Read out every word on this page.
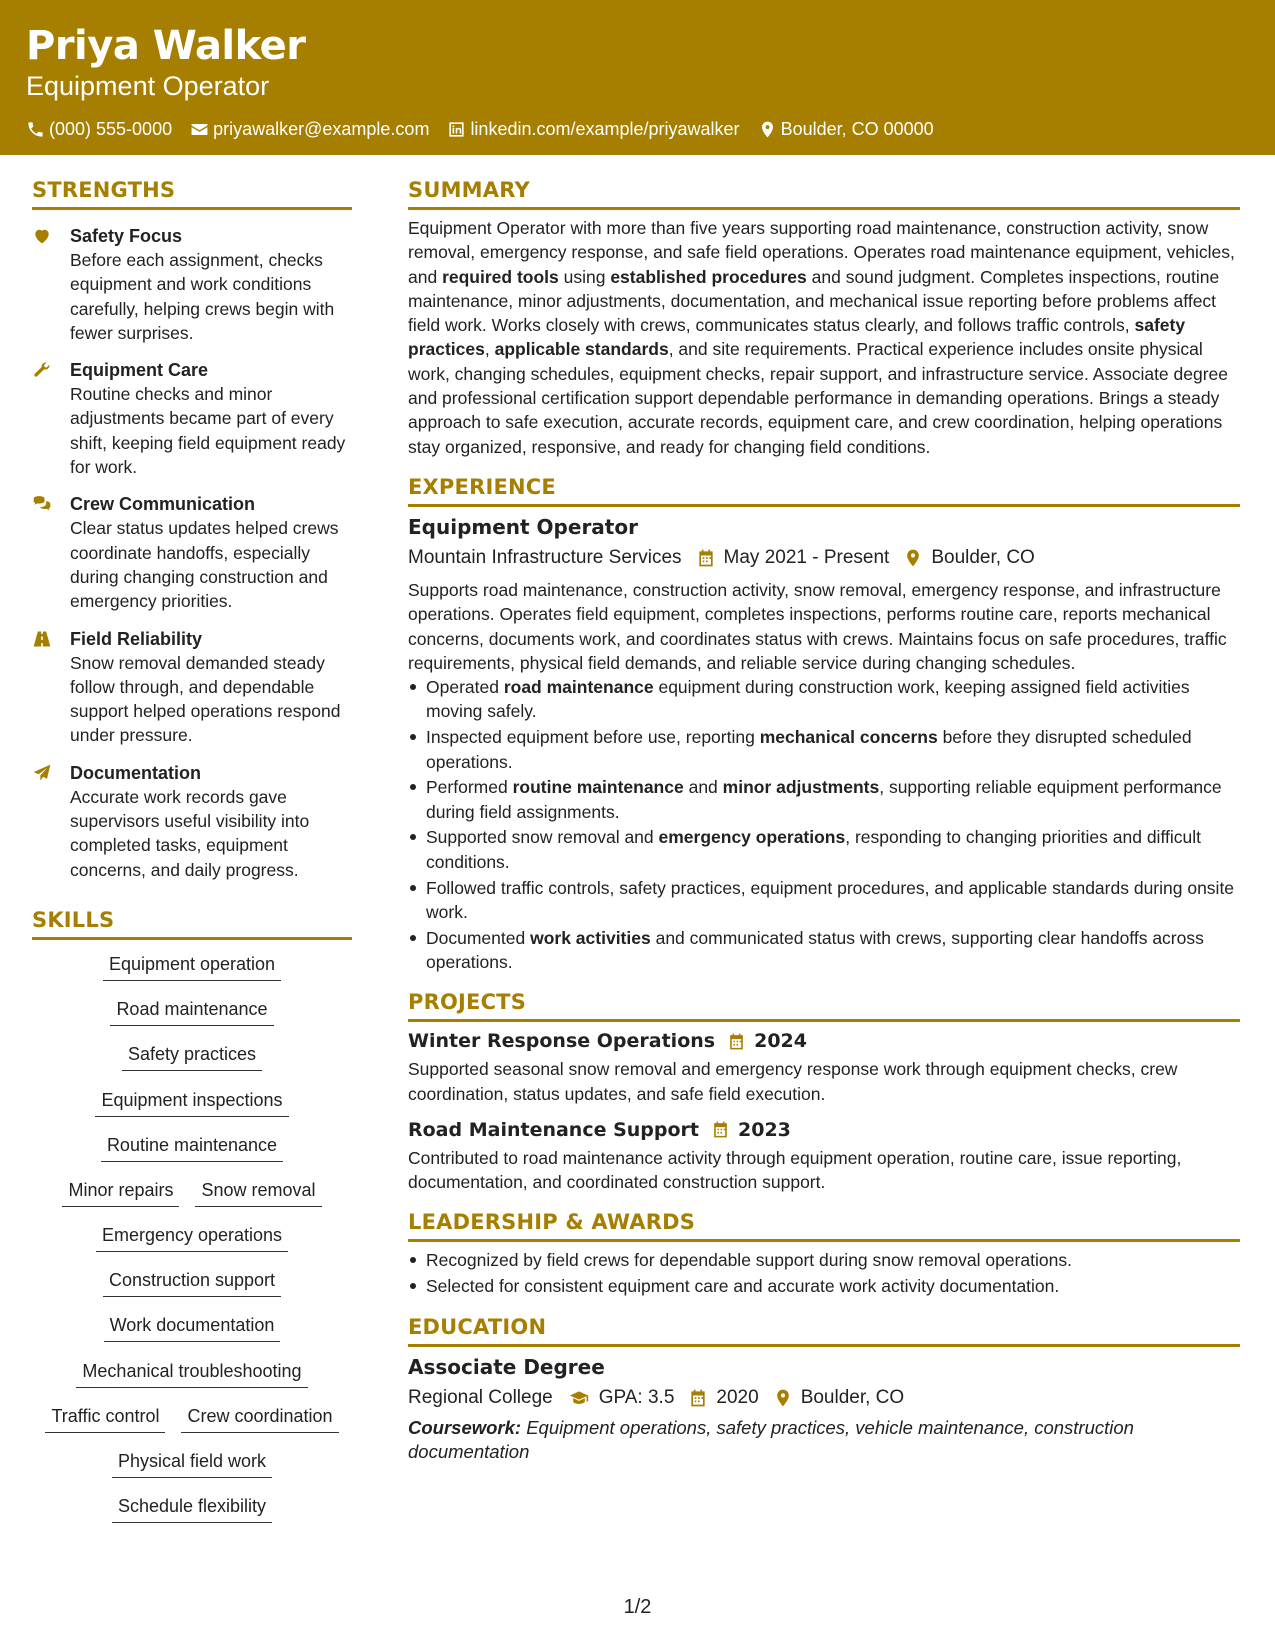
Priya Walker
Equipment Operator
(000) 555-0000 priyawalker@example.com linkedin.com/example/priyawalker Boulder, CO 00000
STRENGTHS
Safety Focus
Before each assignment, checks equipment and work conditions carefully, helping crews begin with fewer surprises.
Equipment Care
Routine checks and minor adjustments became part of every shift, keeping field equipment ready for work.
Crew Communication
Clear status updates helped crews coordinate handoffs, especially during changing construction and emergency priorities.
Field Reliability
Snow removal demanded steady follow through, and dependable support helped operations respond under pressure.
Documentation
Accurate work records gave supervisors useful visibility into completed tasks, equipment concerns, and daily progress.
SKILLS
Equipment operation
Road maintenance
Safety practices
Equipment inspections
Routine maintenance
Minor repairs	Snow removal
Emergency operations
Construction support
Work documentation
Mechanical troubleshooting
Traffic control	Crew coordination
Physical field work
Schedule flexibility
SUMMARY
Equipment Operator with more than five years supporting road maintenance, construction activity, snow removal, emergency response, and safe field operations. Operates road maintenance equipment, vehicles, and required tools using established procedures and sound judgment. Completes inspections, routine maintenance, minor adjustments, documentation, and mechanical issue reporting before problems affect field work. Works closely with crews, communicates status clearly, and follows traffic controls, safety practices, applicable standards, and site requirements. Practical experience includes onsite physical work, changing schedules, equipment checks, repair support, and infrastructure service. Associate degree and professional certification support dependable performance in demanding operations. Brings a steady approach to safe execution, accurate records, equipment care, and crew coordination, helping operations stay organized, responsive, and ready for changing field conditions.
EXPERIENCE
Equipment Operator
Mountain Infrastructure Services May 2021 - Present Boulder, CO
Supports road maintenance, construction activity, snow removal, emergency response, and infrastructure operations. Operates field equipment, completes inspections, performs routine care, reports mechanical concerns, documents work, and coordinates status with crews. Maintains focus on safe procedures, traffic requirements, physical field demands, and reliable service during changing schedules.
Operated road maintenance equipment during construction work, keeping assigned field activities moving safely.
Inspected equipment before use, reporting mechanical concerns before they disrupted scheduled operations.
Performed routine maintenance and minor adjustments, supporting reliable equipment performance during field assignments.
Supported snow removal and emergency operations, responding to changing priorities and difficult conditions.
Followed traffic controls, safety practices, equipment procedures, and applicable standards during onsite work.
Documented work activities and communicated status with crews, supporting clear handoffs across operations.
PROJECTS
Winter Response Operations 2024
Supported seasonal snow removal and emergency response work through equipment checks, crew coordination, status updates, and safe field execution.
Road Maintenance Support 2023
Contributed to road maintenance activity through equipment operation, routine care, issue reporting, documentation, and coordinated construction support.
LEADERSHIP & AWARDS
Recognized by field crews for dependable support during snow removal operations.
Selected for consistent equipment care and accurate work activity documentation.
EDUCATION
Associate Degree
Regional College GPA: 3.5 2020 Boulder, CO
Coursework: Equipment operations, safety practices, vehicle maintenance, construction documentation
1/2
